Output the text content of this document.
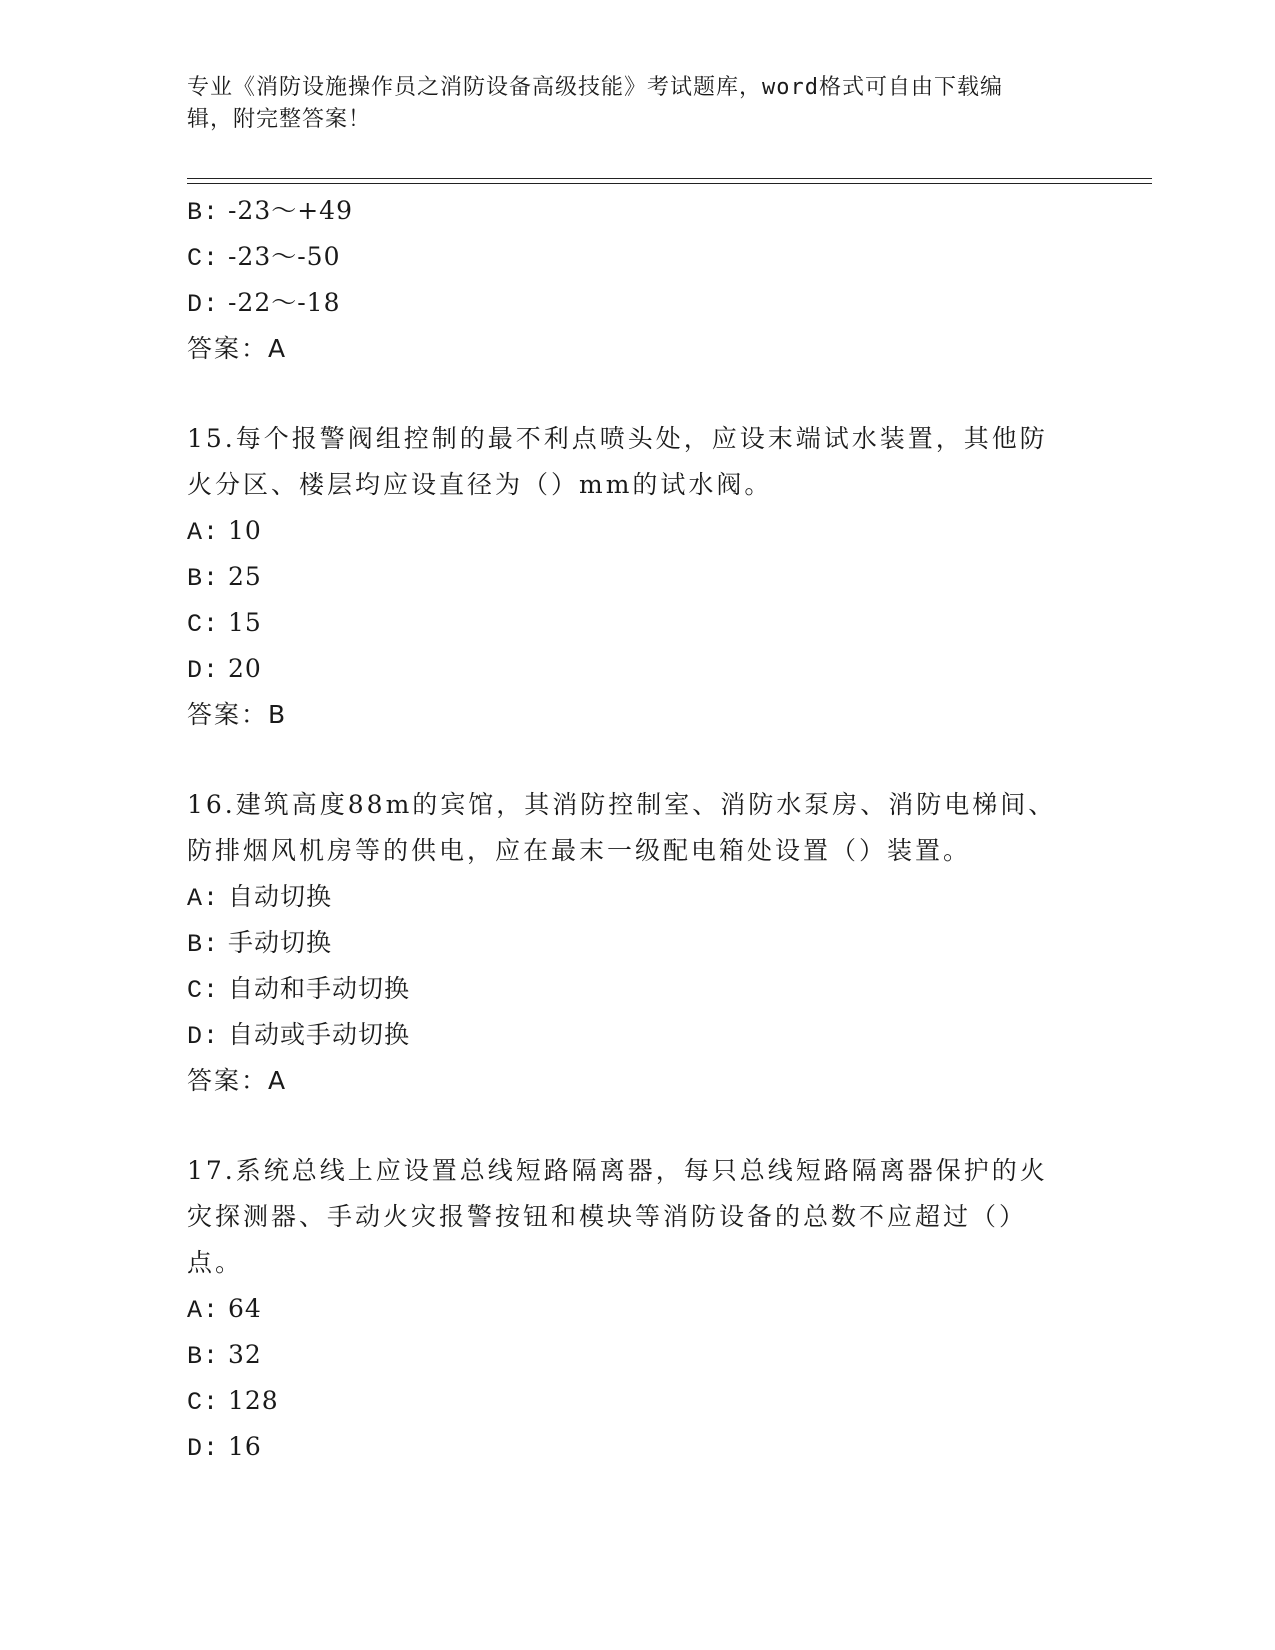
专业《消防设施操作员之消防设备高级技能》考试题库，word格式可自由下载编
辑，附完整答案！
B: -23～+49
C: -23～-50
D: -22～-18
答案：A
15.每个报警阀组控制的最不利点喷头处，应设末端试水装置，其他防
火分区、楼层均应设直径为（）mm的试水阀。
A: 10
B: 25
C: 15
D: 20
答案：B
16.建筑高度88m的宾馆，其消防控制室、消防水泵房、消防电梯间、
防排烟风机房等的供电，应在最末一级配电箱处设置（）装置。
A: 自动切换
B: 手动切换
C: 自动和手动切换
D: 自动或手动切换
答案：A
17.系统总线上应设置总线短路隔离器，每只总线短路隔离器保护的火
灾探测器、手动火灾报警按钮和模块等消防设备的总数不应超过（）
点。
A: 64
B: 32
C: 128
D: 16
